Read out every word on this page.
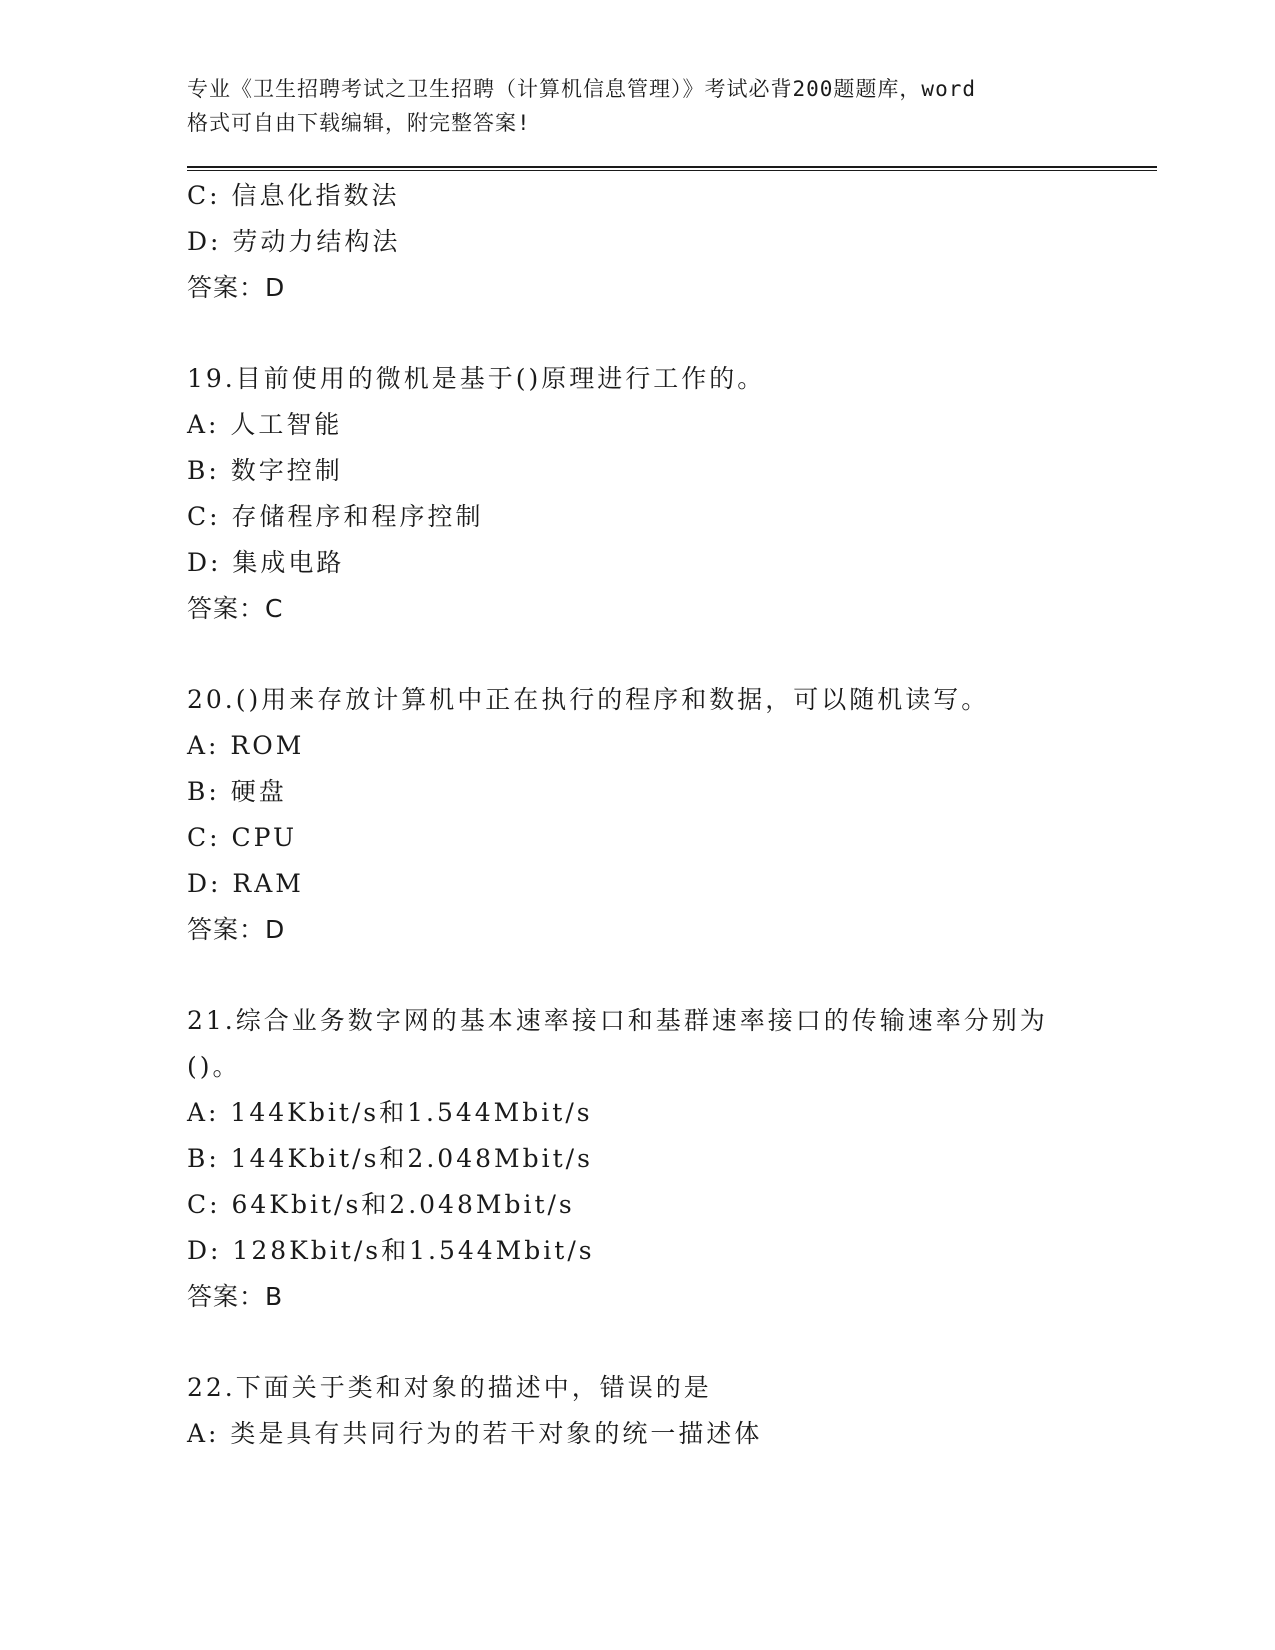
专业《卫生招聘考试之卫生招聘（计算机信息管理）》考试必背200题题库，word

格式可自由下载编辑，附完整答案!

C: 信息化指数法
D: 劳动力结构法
答案：D
19.目前使用的微机是基于()原理进行工作的。
A: 人工智能
B: 数字控制
C: 存储程序和程序控制
D: 集成电路
答案：C
20.()用来存放计算机中正在执行的程序和数据，可以随机读写。
A: ROM
B: 硬盘
C: CPU
D: RAM
答案：D
21.综合业务数字网的基本速率接口和基群速率接口的传输速率分别为
()。
A: 144Kbit/s和1.544Mbit/s
B: 144Kbit/s和2.048Mbit/s
C: 64Kbit/s和2.048Mbit/s
D: 128Kbit/s和1.544Mbit/s
答案：B
22.下面关于类和对象的描述中，错误的是
A: 类是具有共同行为的若干对象的统一描述体
